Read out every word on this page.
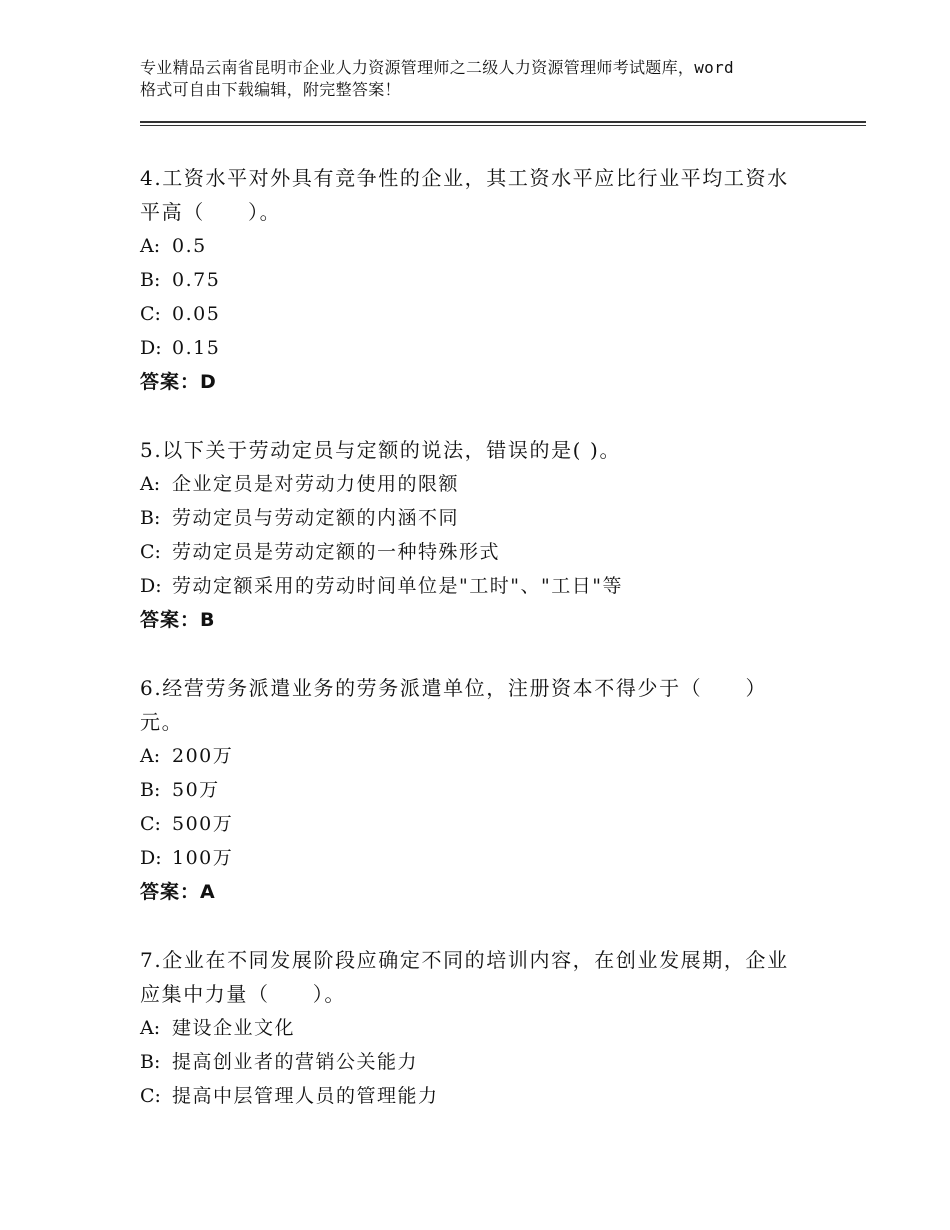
专业精品云南省昆明市企业人力资源管理师之二级人力资源管理师考试题库，word
格式可自由下载编辑，附完整答案！

4.工资水平对外具有竞争性的企业，其工资水平应比行业平均工资水

平高（　　）。

A: 0.5

B: 0.75

C: 0.05

D: 0.15

答案：D

5.以下关于劳动定员与定额的说法，错误的是( )。

A: 企业定员是对劳动力使用的限额

B: 劳动定员与劳动定额的内涵不同

C: 劳动定员是劳动定额的一种特殊形式

D: 劳动定额采用的劳动时间单位是"工时"、"工日"等

答案：B

6.经营劳务派遣业务的劳务派遣单位，注册资本不得少于（　　）

元。

A: 200万

B: 50万

C: 500万

D: 100万

答案：A

7.企业在不同发展阶段应确定不同的培训内容，在创业发展期，企业

应集中力量（　　）。

A: 建设企业文化

B: 提高创业者的营销公关能力

C: 提高中层管理人员的管理能力
